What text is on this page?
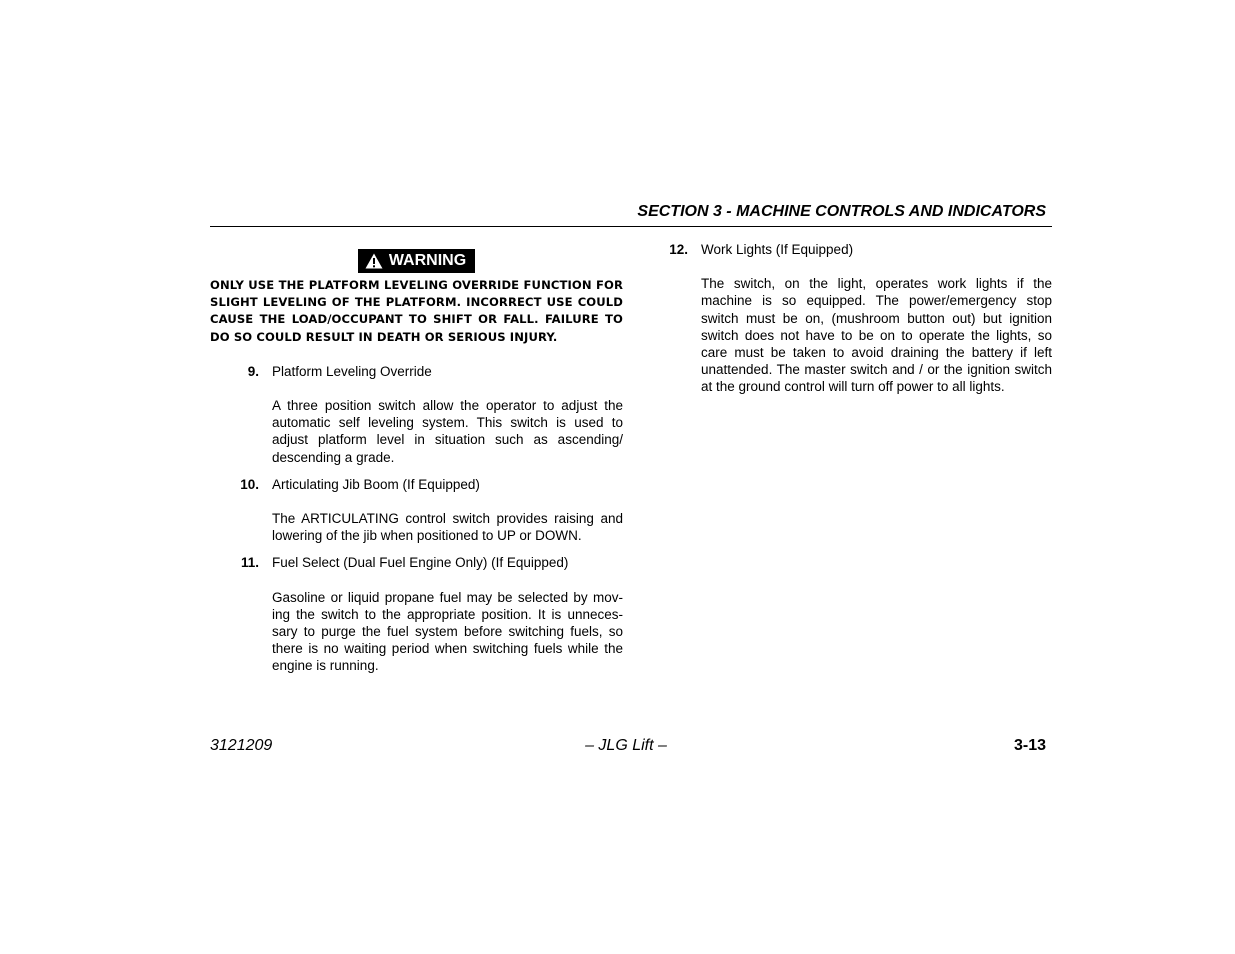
SECTION 3 - MACHINE CONTROLS AND INDICATORS
WARNING

ONLY USE THE PLATFORM LEVELING OVERRIDE FUNCTION FOR SLIGHT LEVELING OF THE PLATFORM. INCORRECT USE COULD CAUSE THE LOAD/OCCUPANT TO SHIFT OR FALL. FAILURE TO DO SO COULD RESULT IN DEATH OR SERIOUS INJURY.

9. Platform Leveling Override

A three position switch allow the operator to adjust the automatic self leveling system. This switch is used to adjust platform level in situation such as ascending/ descending a grade.

10. Articulating Jib Boom (If Equipped)

The ARTICULATING control switch provides raising and lowering of the jib when positioned to UP or DOWN.

11. Fuel Select (Dual Fuel Engine Only) (If Equipped)

Gasoline or liquid propane fuel may be selected by mov-ing the switch to the appropriate position. It is unneces-sary to purge the fuel system before switching fuels, so there is no waiting period when switching fuels while the engine is running.

12. Work Lights (If Equipped)

The switch, on the light, operates work lights if the machine is so equipped. The power/emergency stop switch must be on, (mushroom button out) but ignition switch does not have to be on to operate the lights, so care must be taken to avoid draining the battery if left unattended. The master switch and / or the ignition switch at the ground control will turn off power to all lights.

3121209	– JLG Lift –	3-13
